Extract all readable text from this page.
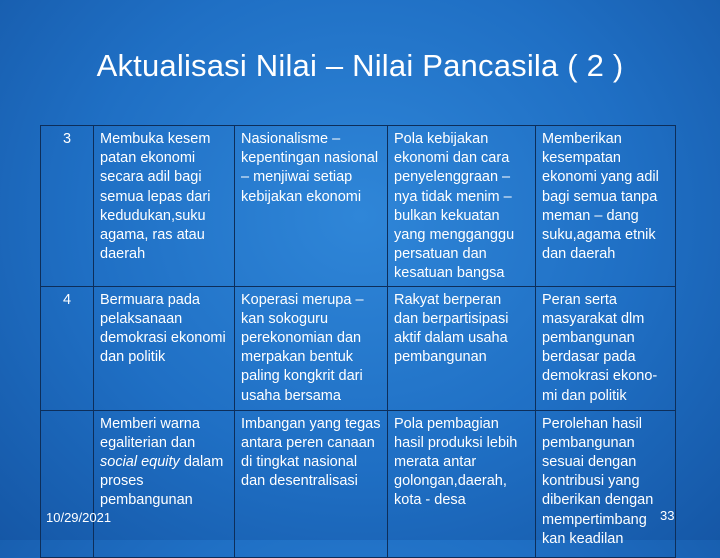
Aktualisasi Nilai – Nilai Pancasila ( 2 )
3	Membuka kesem patan ekonomi secara adil bagi semua lepas dari kedudukan,suku agama, ras atau daerah	Nasionalisme – kepentingan nasional – menjiwai setiap kebijakan ekonomi	Pola kebijakan ekonomi dan cara penyelenggraan – nya tidak menim – bulkan kekuatan yang mengganggu persatuan dan kesatuan bangsa	Memberikan kesempatan ekonomi yang adil bagi semua tanpa meman – dang suku,agama etnik dan daerah
4	Bermuara pada pelaksanaan demokrasi ekonomi dan politik	Koperasi merupa – kan sokoguru perekonomian dan merpakan bentuk paling kongkrit dari usaha bersama	Rakyat berperan dan berpartisipasi aktif dalam usaha pembangunan	Peran serta masyarakat dlm pembangunan berdasar pada demokrasi ekono- mi dan politik
	Memberi warna egaliterian dan social equity dalam proses pembangunan	Imbangan yang tegas antara peren canaan di tingkat nasional dan desentralisasi	Pola pembagian hasil produksi lebih merata antar golongan,daerah, kota - desa	Perolehan hasil pembangunan sesuai dengan kontribusi yang diberikan dengan mempertimbang kan keadilan
10/29/2021	33
